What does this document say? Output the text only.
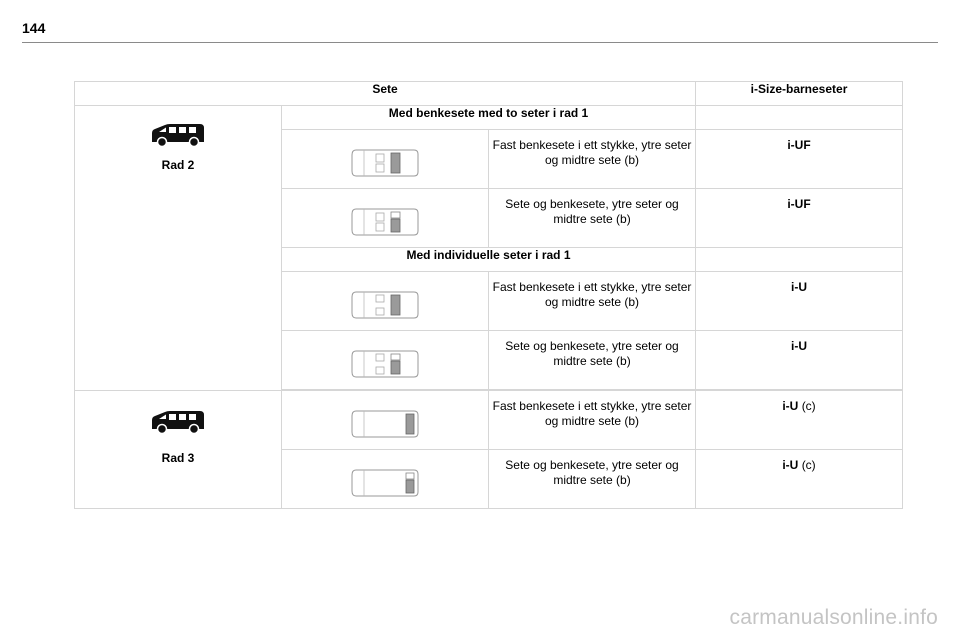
144
Sete			i-Size-barneseter

Rad 2	Med benkesete med to seter i rad 1		

	Fast benkesete i ett stykke, ytre seter og midtre sete (b)	i-UF

	Sete og benkesete, ytre seter og midtre sete (b)	i-UF
	Med individuelle seter i rad 1		

	Fast benkesete i ett stykke, ytre seter og midtre sete (b)	i-U

	Sete og benkesete, ytre seter og midtre sete (b)	i-U

Rad 3		Fast benkesete i ett stykke, ytre seter og midtre sete (b)	i-U (c)

	Sete og benkesete, ytre seter og midtre sete (b)	i-U (c)
carmanualsonline.info
